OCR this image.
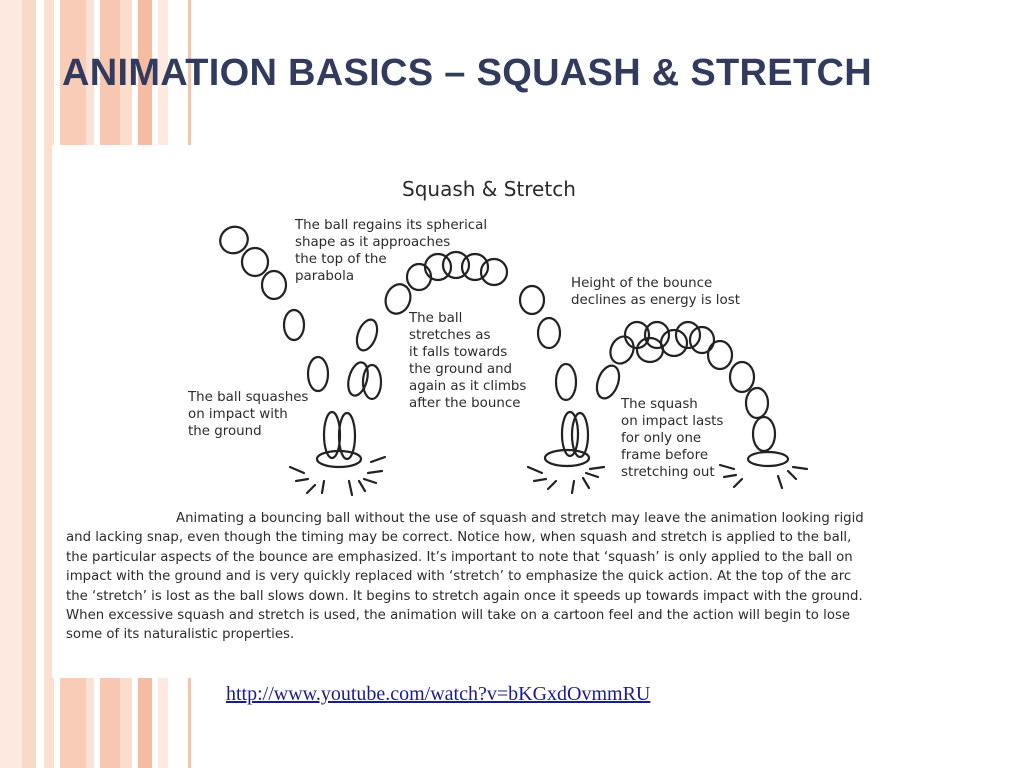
ANIMATION BASICS – SQUASH & STRETCH
Squash & Stretch
The ball regains its spherical
shape as it approaches
the top of the
parabola	Height of the bounce
declines as energy is lost
The ball
stretches as
it falls towards
the ground and
again as it climbs
after the bounce
The ball squashes
on impact with
the ground
The squash
on impact lasts
for only one
frame before
stretching out
Animating a bouncing ball without the use of squash and stretch may leave the animation looking rigid
and lacking snap, even though the timing may be correct. Notice how, when squash and stretch is applied to the ball,
the particular aspects of the bounce are emphasized. It’s important to note that ‘squash’ is only applied to the ball on
impact with the ground and is very quickly replaced with ‘stretch’ to emphasize the quick action. At the top of the arc
the ‘stretch’ is lost as the ball slows down. It begins to stretch again once it speeds up towards impact with the ground.
When excessive squash and stretch is used, the animation will take on a cartoon feel and the action will begin to lose
some of its naturalistic properties.
http://www.youtube.com/watch?v=bKGxdOvmmRU
